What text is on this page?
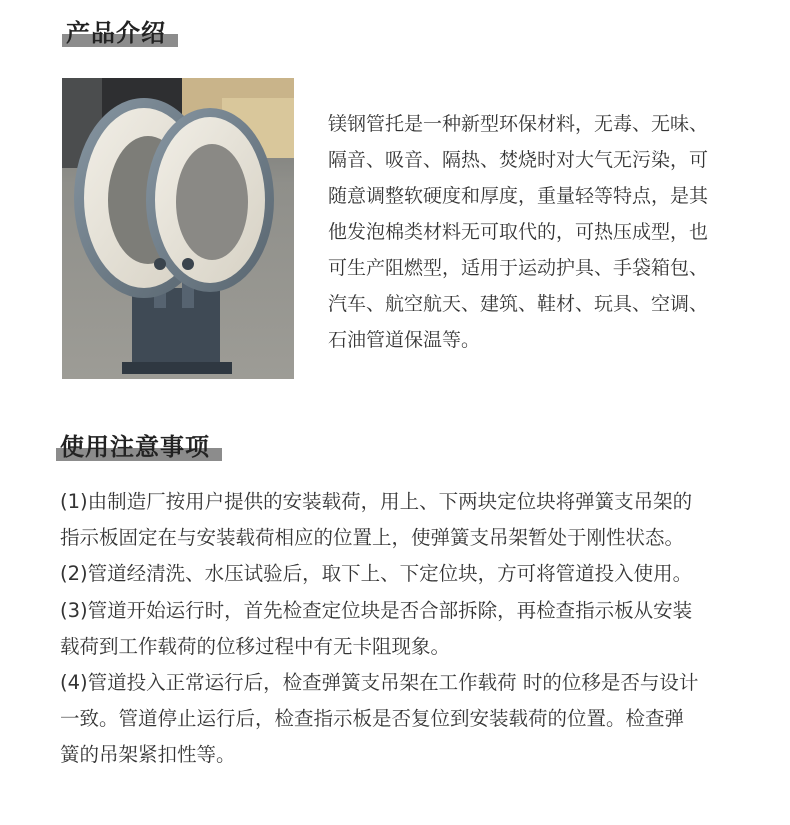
产品介绍

镁钢管托是一种新型环保材料，无毒、无味、

隔音、吸音、隔热、焚烧时对大气无污染，可

随意调整软硬度和厚度，重量轻等特点，是其

他发泡棉类材料无可取代的，可热压成型，也

可生产阻燃型，适用于运动护具、手袋箱包、

汽车、航空航天、建筑、鞋材、玩具、空调、

石油管道保温等。

使用注意事项

(1)由制造厂按用户提供的安装载荷，用上、下两块定位块将弹簧支吊架的

指示板固定在与安装载荷相应的位置上，使弹簧支吊架暂处于刚性状态。

(2)管道经清洗、水压试验后，取下上、下定位块，方可将管道投入使用。

(3)管道开始运行时，首先检查定位块是否合部拆除，再检查指示板从安装

载荷到工作载荷的位移过程中有无卡阻现象。

(4)管道投入正常运行后，检查弹簧支吊架在工作载荷 时的位移是否与设计

一致。管道停止运行后，检查指示板是否复位到安装载荷的位置。检查弹

簧的吊架紧扣性等。
